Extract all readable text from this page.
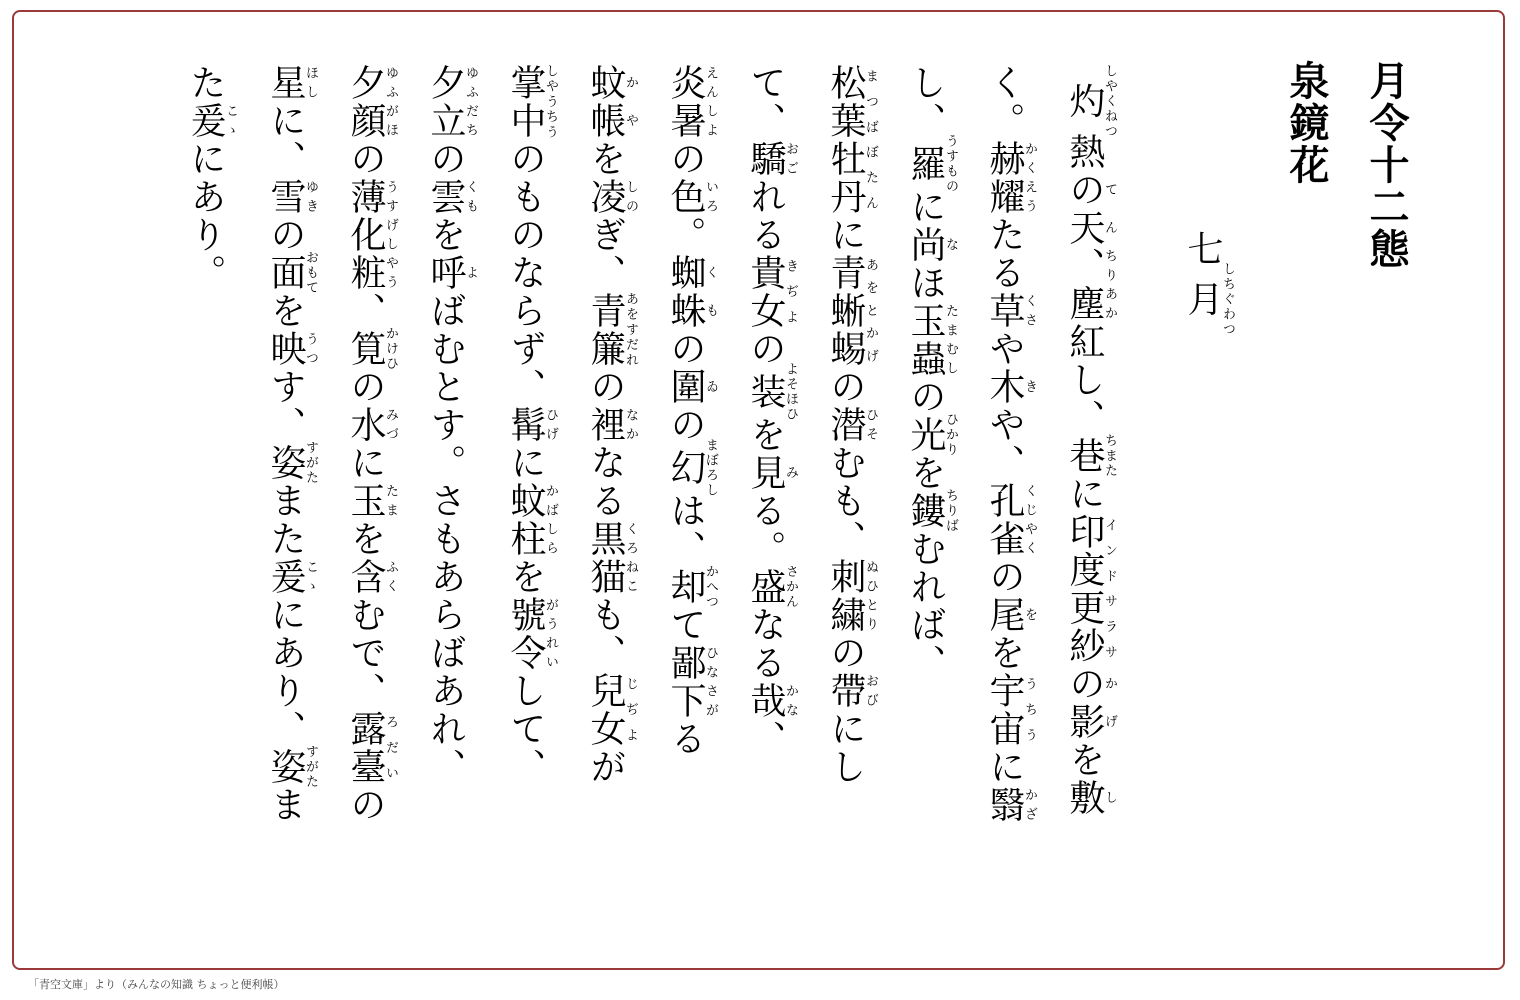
月令十二態
泉鏡花
七月しちぐわつ
灼しやくねつ熱の天てん、塵ちりあか紅し、巷ちまたに印度更紗インドサラサの影かげを敷し
く。赫耀かくえうたる草くさや木きや、孔雀くじやくの尾をを宇宙うちうに翳かざ
し、羅うすものに尚なほ玉蟲たまむしの光ひかりを鏤ちりばむれば、
松葉牡丹まつばぼたんに青蜥蜴あをとかげの潜ひそむも、刺繍ぬひとりの帶おびにし
て、驕おごれる貴女きぢよの装よそほひを見みる。盛さかんなる哉かな、
炎暑えんしよの色いろ。蜘蛛くもの圍ゐの幻まぼろしは、却かへつて鄙下ひなさがる
蚊帳かやを凌しのぎ、青簾あをすだれの裡なかなる黒猫くろねこも、兒女じぢよが
掌中しやうちうのものならず、髯ひげに蚊柱かばしらを號令がうれいして、
夕立ゆふだちの雲くもを呼よばむとす。さもあらばあれ、
夕顔ゆふがほの薄化粧うすげしやう、筧かけひの水みづに玉たまを含ふくむで、露臺ろだいの
星ほしに、雪ゆきの面おもてを映うつす、姿すがたまた爰こゝにあり、姿すがたま
た爰こゝにあり。
「青空文庫」より（みんなの知識 ちょっと便利帳）
